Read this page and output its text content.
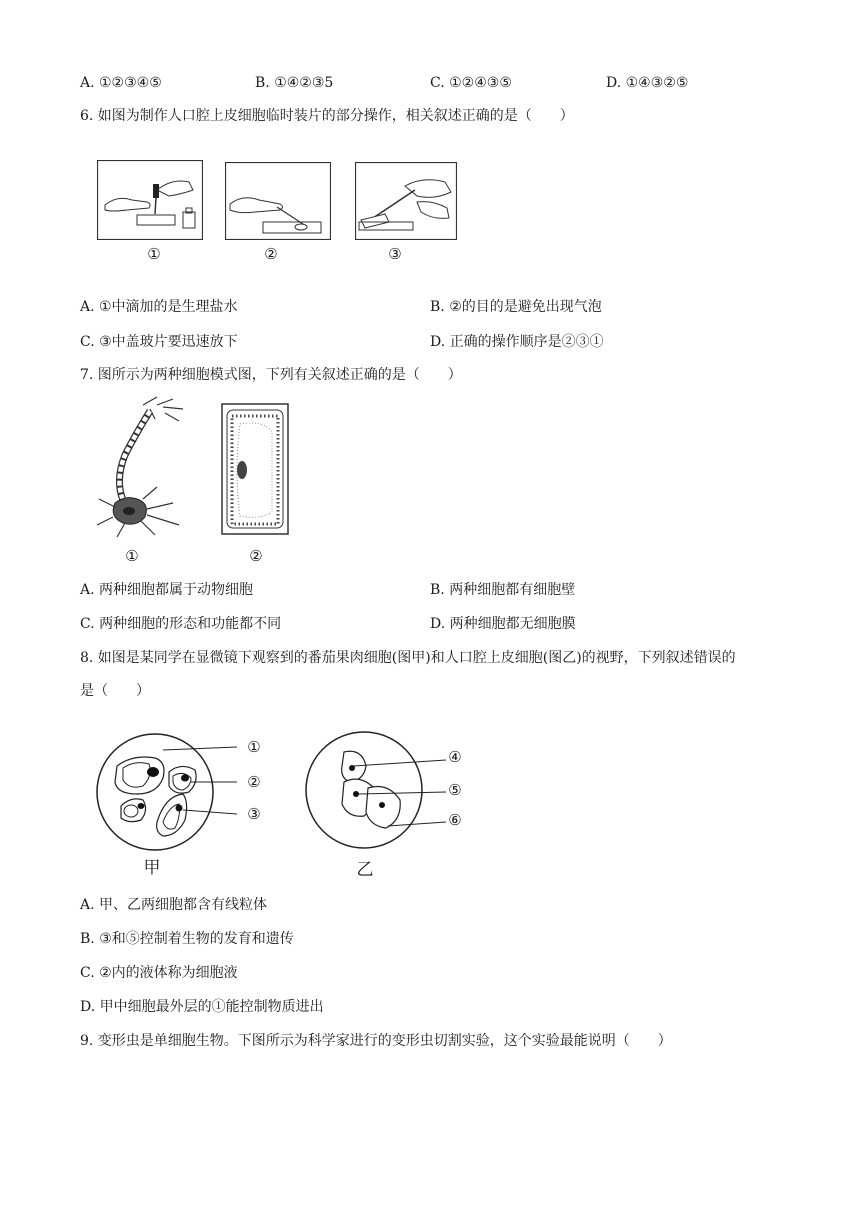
A. ①②③④⑤	B. ①④②③5	C. ①②④③⑤	D. ①④③②⑤
6. 如图为制作人口腔上皮细胞临时装片的部分操作，相关叙述正确的是（　　）
①	②	③
A. ①中滴加的是生理盐水	B. ②的目的是避免出现气泡
C. ③中盖玻片要迅速放下	D. 正确的操作顺序是②③①
7. 图所示为两种细胞模式图，下列有关叙述正确的是（　　）
①	②
A. 两种细胞都属于动物细胞	B. 两种细胞都有细胞壁
C. 两种细胞的形态和功能都不同	D. 两种细胞都无细胞膜
8. 如图是某同学在显微镜下观察到的番茄果肉细胞(图甲)和人口腔上皮细胞(图乙)的视野，下列叙述错误的
是（　　）
①
②
③
④
⑤
⑥
甲	乙
A. 甲、乙两细胞都含有线粒体
B. ③和⑤控制着生物的发育和遗传
C. ②内的液体称为细胞液
D. 甲中细胞最外层的①能控制物质进出
9. 变形虫是单细胞生物。下图所示为科学家进行的变形虫切割实验，这个实验最能说明（　　）
